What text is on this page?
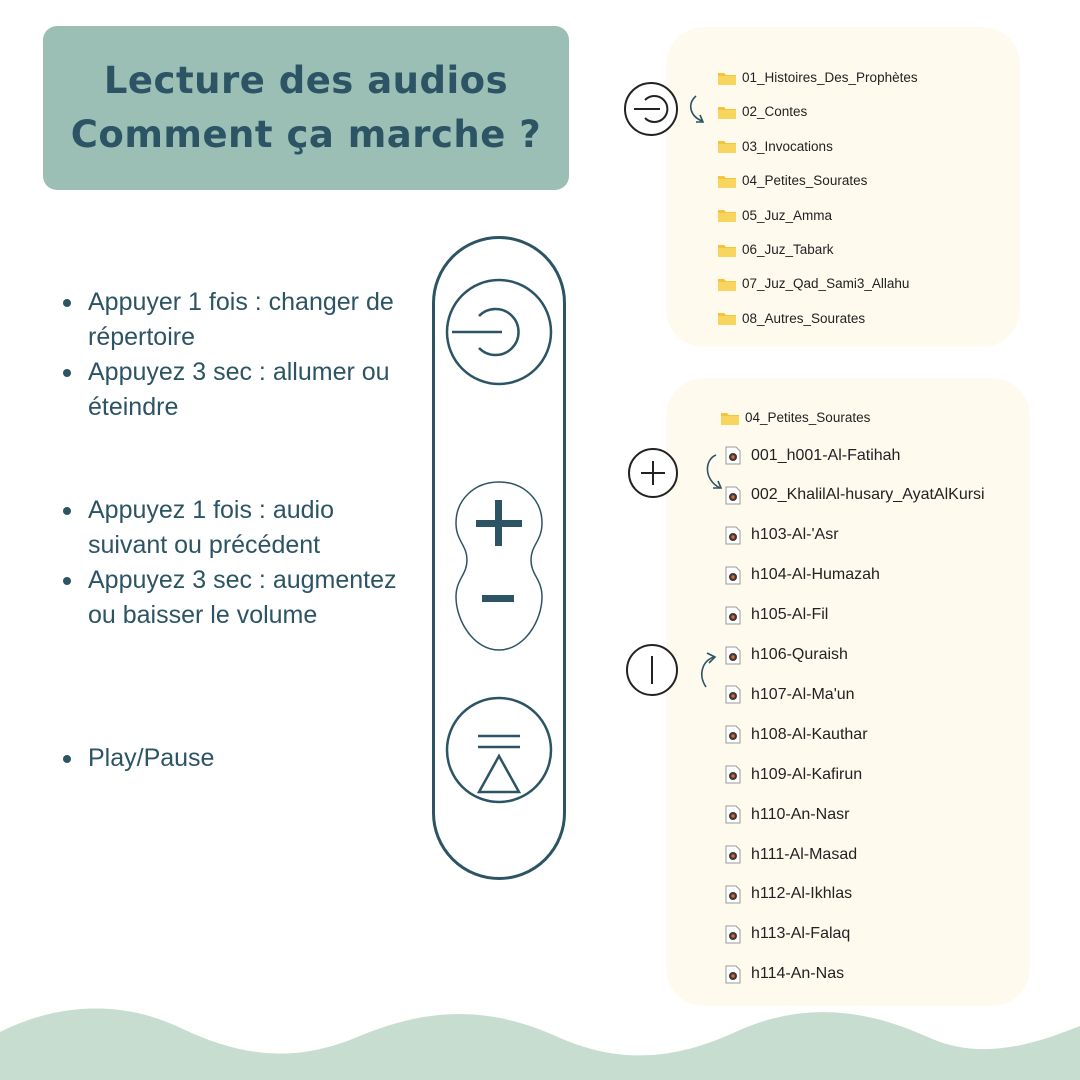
Lecture des audios
Comment ça marche ?
Appuyer 1 fois : changer de répertoire
Appuyez 3 sec : allumer ou éteindre
Appuyez 1 fois : audio suivant ou précédent
Appuyez 3 sec : augmentez ou baisser le volume
Play/Pause
01_Histoires_Des_Prophètes
02_Contes
03_Invocations
04_Petites_Sourates
05_Juz_Amma
06_Juz_Tabark
07_Juz_Qad_Sami3_Allahu
08_Autres_Sourates
04_Petites_Sourates
001_h001-Al-Fatihah
002_KhalilAl-husary_AyatAlKursi
h103-Al-'Asr
h104-Al-Humazah
h105-Al-Fil
h106-Quraish
h107-Al-Ma'un
h108-Al-Kauthar
h109-Al-Kafirun
h110-An-Nasr
h111-Al-Masad
h112-Al-Ikhlas
h113-Al-Falaq
h114-An-Nas
